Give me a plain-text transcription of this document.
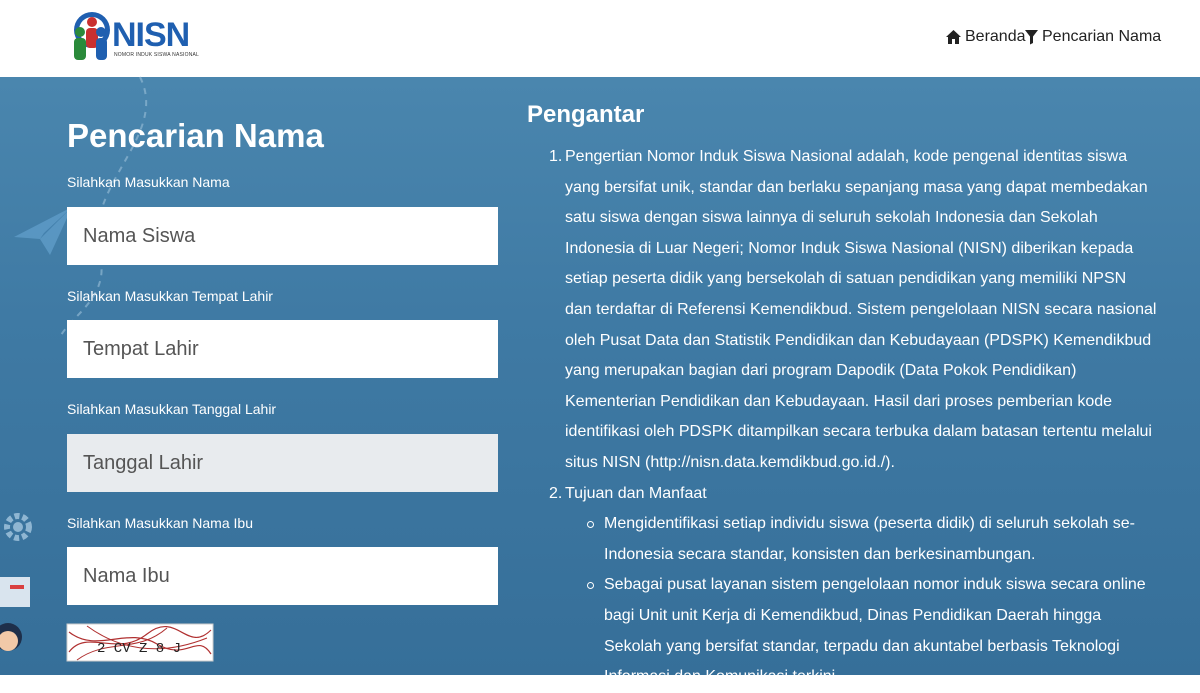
NISN
NOMOR INDUK SISWA NASIONAL
Beranda Pencarian Nama
Pencarian Nama
Silahkan Masukkan Nama
Nama Siswa
Silahkan Masukkan Tempat Lahir
Tempat Lahir
Silahkan Masukkan Tanggal Lahir
Tanggal Lahir
Silahkan Masukkan Nama Ibu
Nama Ibu
2 CV Z 8 J
Pengantar
1. Pengertian Nomor Induk Siswa Nasional adalah, kode pengenal identitas siswa yang bersifat unik, standar dan berlaku sepanjang masa yang dapat membedakan satu siswa dengan siswa lainnya di seluruh sekolah Indonesia dan Sekolah Indonesia di Luar Negeri; Nomor Induk Siswa Nasional (NISN) diberikan kepada setiap peserta didik yang bersekolah di satuan pendidikan yang memiliki NPSN dan terdaftar di Referensi Kemendikbud. Sistem pengelolaan NISN secara nasional oleh Pusat Data dan Statistik Pendidikan dan Kebudayaan (PDSPK) Kemendikbud yang merupakan bagian dari program Dapodik (Data Pokok Pendidikan) Kementerian Pendidikan dan Kebudayaan. Hasil dari proses pemberian kode identifikasi oleh PDSPK ditampilkan secara terbuka dalam batasan tertentu melalui situs NISN (http://nisn.data.kemdikbud.go.id./).
2. Tujuan dan Manfaat
Mengidentifikasi setiap individu siswa (peserta didik) di seluruh sekolah se-Indonesia secara standar, konsisten dan berkesinambungan.
Sebagai pusat layanan sistem pengelolaan nomor induk siswa secara online bagi Unit unit Kerja di Kemendikbud, Dinas Pendidikan Daerah hingga Sekolah yang bersifat standar, terpadu dan akuntabel berbasis Teknologi Informasi dan Komunikasi terkini.
